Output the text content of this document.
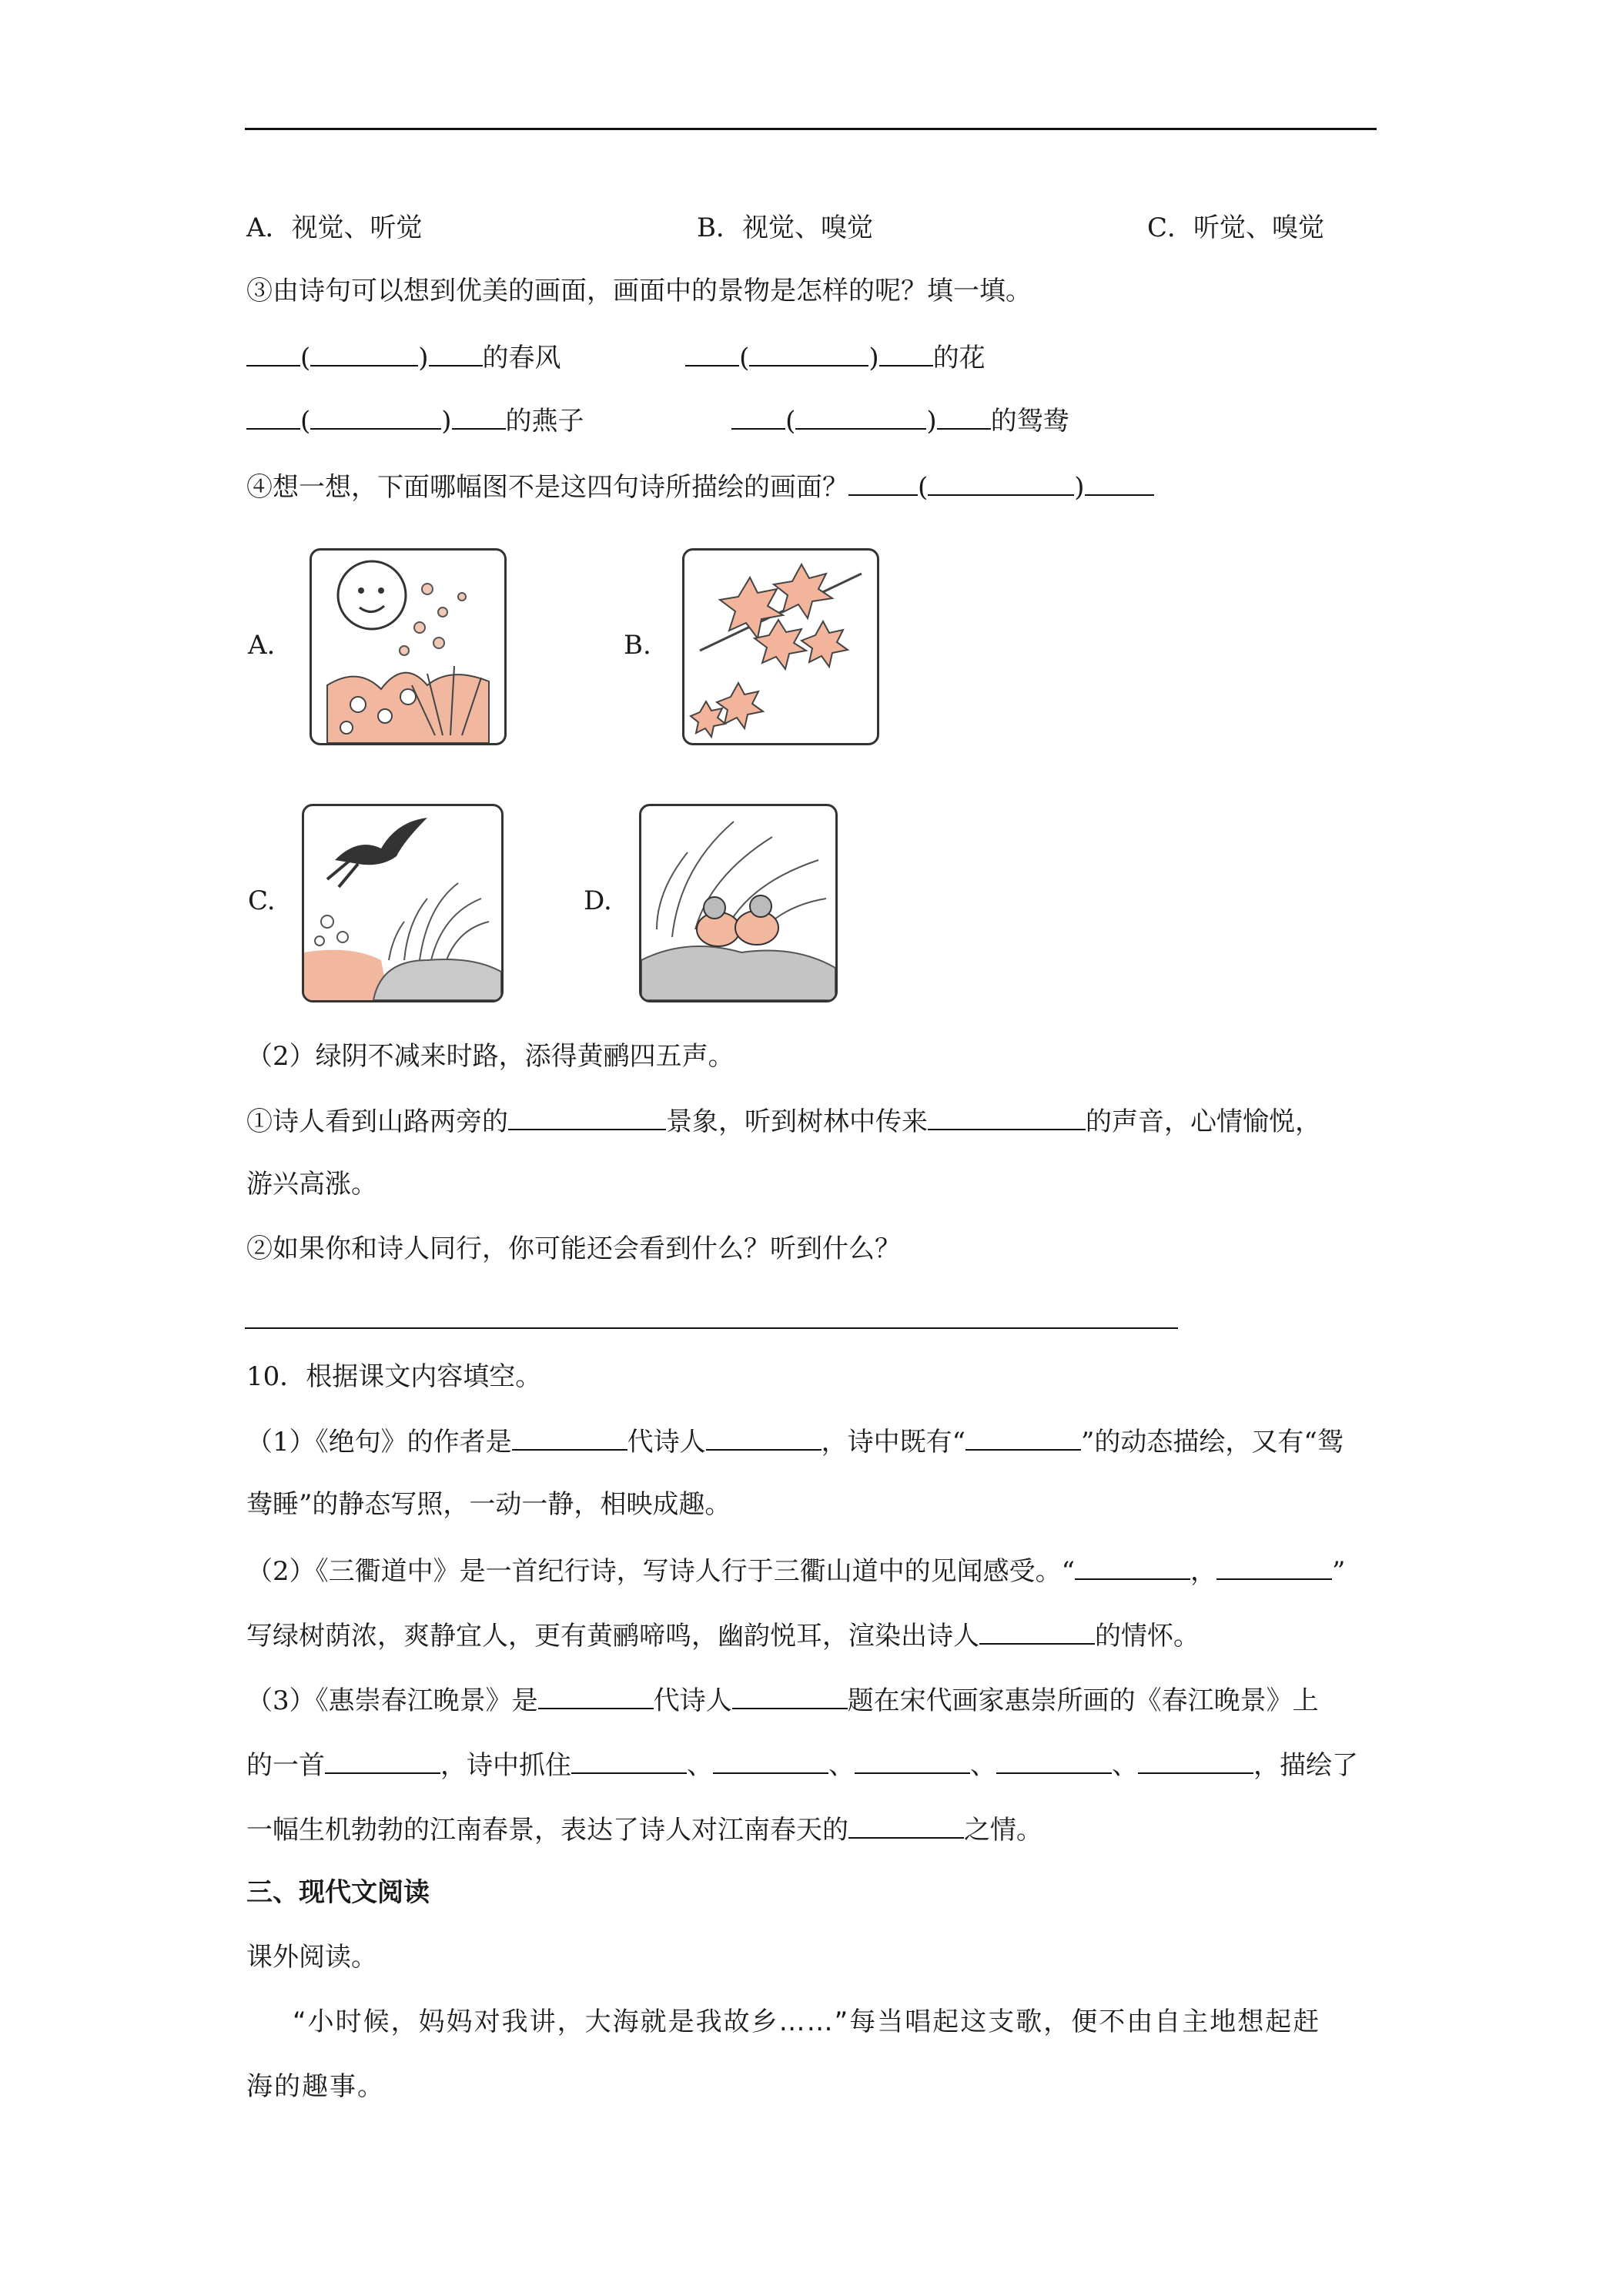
A．视觉、听觉	B．视觉、嗅觉	C．听觉、嗅觉
③由诗句可以想到优美的画面，画面中的景物是怎样的呢？填一填。
(	) 的春风	(	) 的花
(	) 的燕子	(	) 的鸳鸯
④想一想，下面哪幅图不是这四句诗所描绘的画面？	(	)
A.	B.
C.	D.
（2）绿阴不减来时路，添得黄鹂四五声。
①诗人看到山路两旁的	景象，听到树林中传来	的声音，心情愉悦，
游兴高涨。
②如果你和诗人同行，你可能还会看到什么？听到什么？
10．根据课文内容填空。
（1）《绝句》的作者是	代诗人	，诗中既有“	”的动态描绘，又有“鸳
鸯睡”的静态写照，一动一静，相映成趣。
（2）《三衢道中》是一首纪行诗，写诗人行于三衢山道中的见闻感受。“	，	”
写绿树荫浓，爽静宜人，更有黄鹂啼鸣，幽韵悦耳，渲染出诗人	的情怀。
（3）《惠崇春江晚景》是	代诗人	题在宋代画家惠崇所画的《春江晚景》上
的一首	，诗中抓住	、	、	、	、	，描绘了
一幅生机勃勃的江南春景，表达了诗人对江南春天的	之情。
三、现代文阅读
课外阅读。
“小时候，妈妈对我讲，大海就是我故乡……”每当唱起这支歌，便不由自主地想起赶
海的趣事。
